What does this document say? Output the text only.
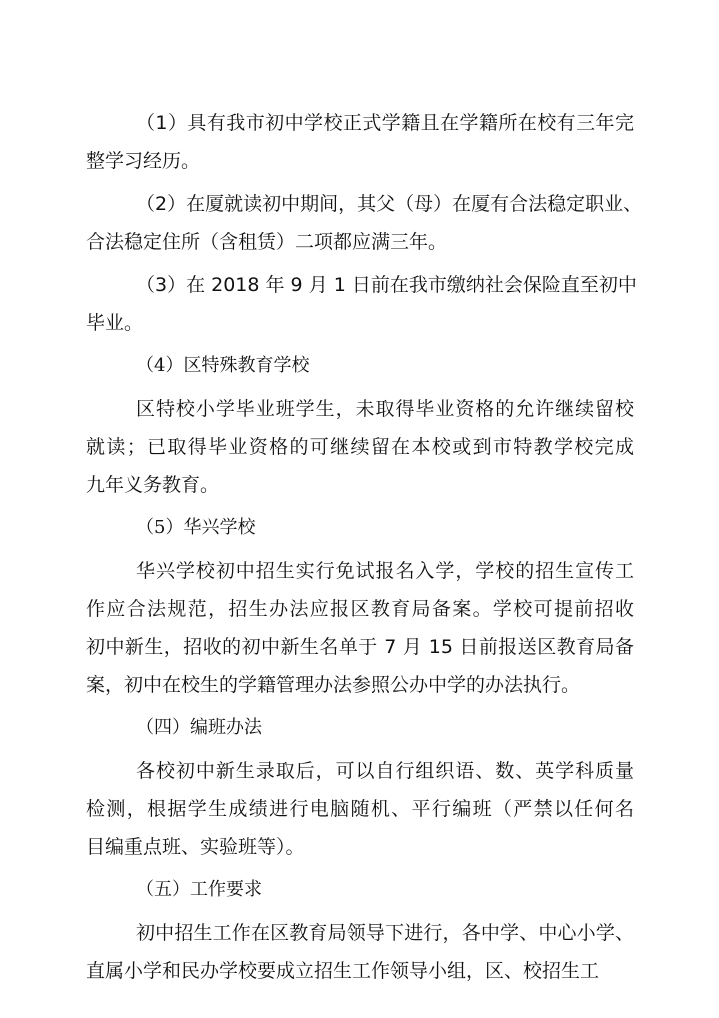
（1）具有我市初中学校正式学籍且在学籍所在校有三年完
整学习经历。
（2）在厦就读初中期间，其父（母）在厦有合法稳定职业、
合法稳定住所（含租赁）二项都应满三年。
（3）在 2018 年 9 月 1 日前在我市缴纳社会保险直至初中
毕业。
（4）区特殊教育学校
区特校小学毕业班学生，未取得毕业资格的允许继续留校
就读；已取得毕业资格的可继续留在本校或到市特教学校完成
九年义务教育。
（5）华兴学校
华兴学校初中招生实行免试报名入学，学校的招生宣传工
作应合法规范，招生办法应报区教育局备案。学校可提前招收
初中新生，招收的初中新生名单于 7 月 15 日前报送区教育局备
案，初中在校生的学籍管理办法参照公办中学的办法执行。
（四）编班办法
各校初中新生录取后，可以自行组织语、数、英学科质量
检测，根据学生成绩进行电脑随机、平行编班（严禁以任何名
目编重点班、实验班等）。
（五）工作要求
初中招生工作在区教育局领导下进行，各中学、中心小学、
直属小学和民办学校要成立招生工作领导小组，区、校招生工
